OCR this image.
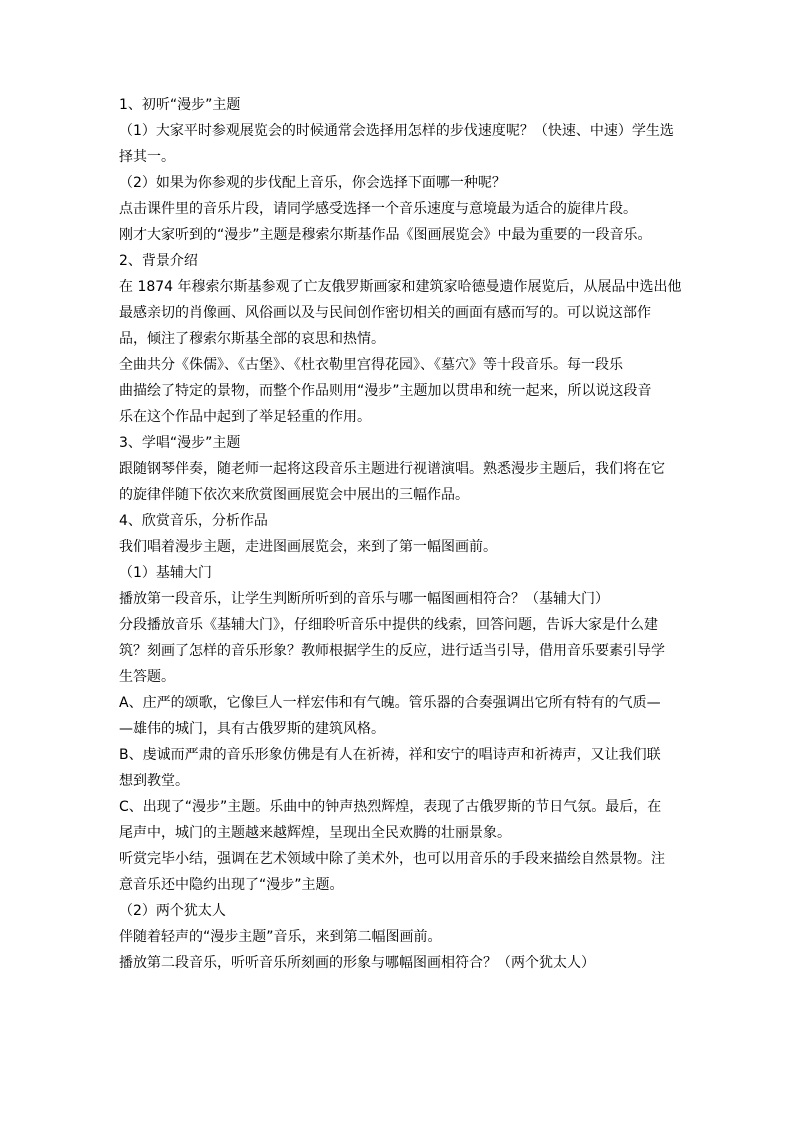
1、初听“漫步”主题
（1）大家平时参观展览会的时候通常会选择用怎样的步伐速度呢？（快速、中速）学生选
择其一。
（2）如果为你参观的步伐配上音乐，你会选择下面哪一种呢？
点击课件里的音乐片段，请同学感受选择一个音乐速度与意境最为适合的旋律片段。
刚才大家听到的“漫步”主题是穆索尔斯基作品《图画展览会》中最为重要的一段音乐。
2、背景介绍
在 1874 年穆索尔斯基参观了亡友俄罗斯画家和建筑家哈德曼遗作展览后，从展品中选出他
最感亲切的肖像画、风俗画以及与民间创作密切相关的画面有感而写的。可以说这部作
品，倾注了穆索尔斯基全部的哀思和热情。
全曲共分《侏儒》、《古堡》、《杜衣勒里宫得花园》、《墓穴》等十段音乐。每一段乐
曲描绘了特定的景物，而整个作品则用“漫步”主题加以贯串和统一起来，所以说这段音
乐在这个作品中起到了举足轻重的作用。
3、学唱“漫步”主题
跟随钢琴伴奏，随老师一起将这段音乐主题进行视谱演唱。熟悉漫步主题后，我们将在它
的旋律伴随下依次来欣赏图画展览会中展出的三幅作品。
4、欣赏音乐，分析作品
我们唱着漫步主题，走进图画展览会，来到了第一幅图画前。
（1）基辅大门
播放第一段音乐，让学生判断所听到的音乐与哪一幅图画相符合？（基辅大门）
分段播放音乐《基辅大门》，仔细聆听音乐中提供的线索，回答问题，告诉大家是什么建
筑？刻画了怎样的音乐形象？教师根据学生的反应，进行适当引导，借用音乐要素引导学
生答题。
A、庄严的颂歌，它像巨人一样宏伟和有气魄。管乐器的合奏强调出它所有特有的气质—
—雄伟的城门，具有古俄罗斯的建筑风格。
B、虔诚而严肃的音乐形象仿佛是有人在祈祷，祥和安宁的唱诗声和祈祷声，又让我们联
想到教堂。
C、出现了“漫步”主题。乐曲中的钟声热烈辉煌，表现了古俄罗斯的节日气氛。最后，在
尾声中，城门的主题越来越辉煌，呈现出全民欢腾的壮丽景象。
听赏完毕小结，强调在艺术领域中除了美术外，也可以用音乐的手段来描绘自然景物。注
意音乐还中隐约出现了“漫步”主题。
（2）两个犹太人
伴随着轻声的“漫步主题”音乐，来到第二幅图画前。
播放第二段音乐，听听音乐所刻画的形象与哪幅图画相符合？（两个犹太人）
